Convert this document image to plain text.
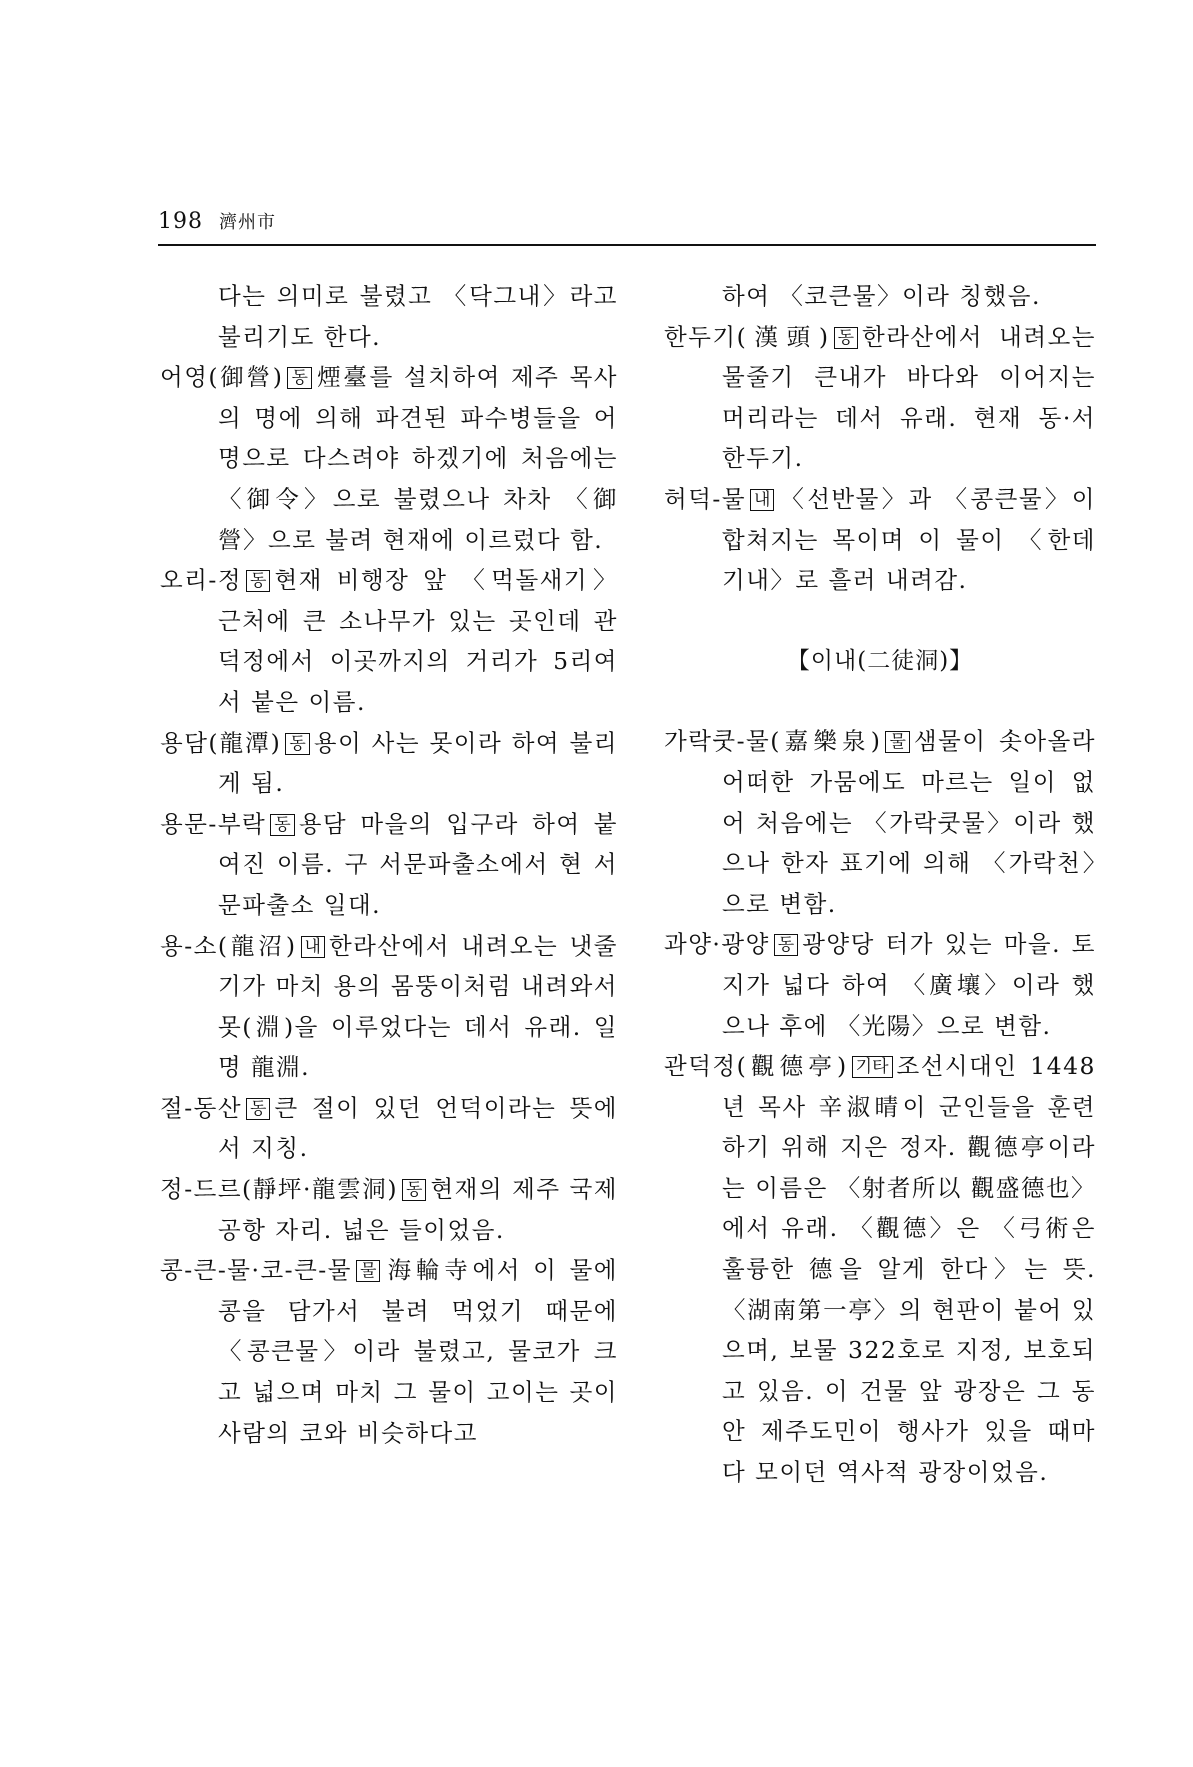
198 濟州市

다는 의미로 불렸고 〈닥그내〉라고 불리기도 한다.

어영(御營) 동 煙臺를 설치하여 제주 목사의 명에 의해 파견된 파수병들을 어명으로 다스려야 하겠기에 처음에는 〈御令〉으로 불렸으나 차차 〈御營〉으로 불려 현재에 이르렀다 함.

오리-정 동 현재 비행장 앞 〈먹돌새기〉 근처에 큰 소나무가 있는 곳인데 관덕정에서 이곳까지의 거리가 5리여서 붙은 이름.

용담(龍潭) 동 용이 사는 못이라 하여 불리게 됨.

용문-부락 동 용담 마을의 입구라 하여 붙여진 이름. 구 서문파출소에서 현 서문파출소 일대.

용-소(龍沼) 내 한라산에서 내려오는 냇줄기가 마치 용의 몸뚱이처럼 내려와서 못(淵)을 이루었다는 데서 유래. 일명 龍淵.

절-동산 동 큰 절이 있던 언덕이라는 뜻에서 지칭.

정-드르(靜坪·龍雲洞) 동 현재의 제주 국제공항 자리. 넓은 들이었음.

콩-큰-물·코-큰-물 물 海輪寺에서 이 물에 콩을 담가서 불려 먹었기 때문에 〈콩큰물〉이라 불렸고, 물코가 크고 넓으며 마치 그 물이 고이는 곳이 사람의 코와 비슷하다고

하여 〈코큰물〉이라 칭했음.

한두기(漢頭) 동 한라산에서 내려오는 물줄기 큰내가 바다와 이어지는 머리라는 데서 유래. 현재 동·서 한두기.

허덕-물 내 〈선반물〉과 〈콩큰물〉이 합쳐지는 목이며 이 물이 〈한데기내〉로 흘러 내려감.

【이내(二徒洞)】

가락쿳-물(嘉樂泉) 물 샘물이 솟아올라 어떠한 가뭄에도 마르는 일이 없어 처음에는 〈가락쿳물〉이라 했으나 한자 표기에 의해 〈가락천〉으로 변함.

과양·광양 동 광양당 터가 있는 마을. 토지가 넓다 하여 〈廣壤〉이라 했으나 후에 〈光陽〉으로 변함.

관덕정(觀德亭) 기타 조선시대인 1448년 목사 辛淑晴이 군인들을 훈련하기 위해 지은 정자. 觀德亭이라는 이름은 〈射者所以 觀盛德也〉에서 유래. 〈觀德〉은 〈弓術은 훌륭한 德을 알게 한다〉는 뜻. 〈湖南第一亭〉의 현판이 붙어 있으며, 보물 322호로 지정, 보호되고 있음. 이 건물 앞 광장은 그 동안 제주도민이 행사가 있을 때마다 모이던 역사적 광장이었음.
